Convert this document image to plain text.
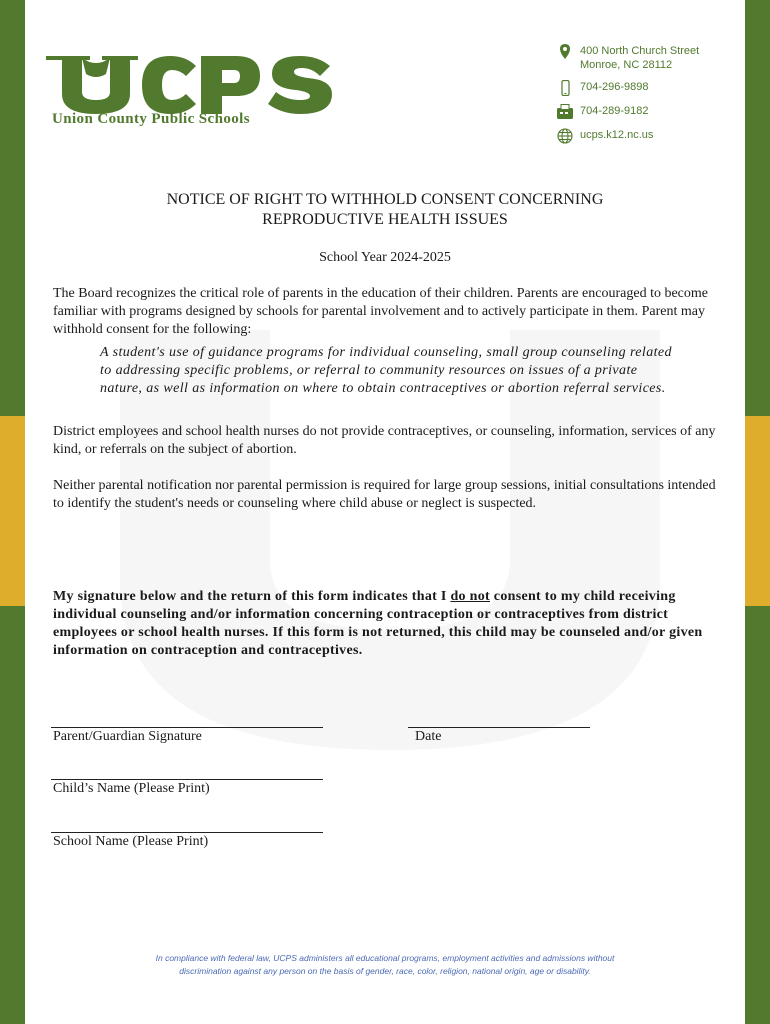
Union County Public Schools
400 North Church Street
Monroe, NC 28112
704-296-9898
704-289-9182
ucps.k12.nc.us
NOTICE OF RIGHT TO WITHHOLD CONSENT CONCERNING
REPRODUCTIVE HEALTH ISSUES
School Year 2024-2025
The Board recognizes the critical role of parents in the education of their children. Parents are encouraged to become familiar with programs designed by schools for parental involvement and to actively participate in them. Parent may withhold consent for the following:
A student's use of guidance programs for individual counseling, small group counseling related to addressing specific problems, or referral to community resources on issues of a private nature, as well as information on where to obtain contraceptives or abortion referral services.
District employees and school health nurses do not provide contraceptives, or counseling, information, services of any kind, or referrals on the subject of abortion.
Neither parental notification nor parental permission is required for large group sessions, initial consultations intended to identify the student's needs or counseling where child abuse or neglect is suspected.
My signature below and the return of this form indicates that I do not consent to my child receiving individual counseling and/or information concerning contraception or contraceptives from district employees or school health nurses. If this form is not returned, this child may be counseled and/or given information on contraception and contraceptives.
Parent/Guardian Signature	Date
Child’s Name (Please Print)
School Name (Please Print)
In compliance with federal law, UCPS administers all educational programs, employment activities and admissions without
discrimination against any person on the basis of gender, race, color, religion, national origin, age or disability.
